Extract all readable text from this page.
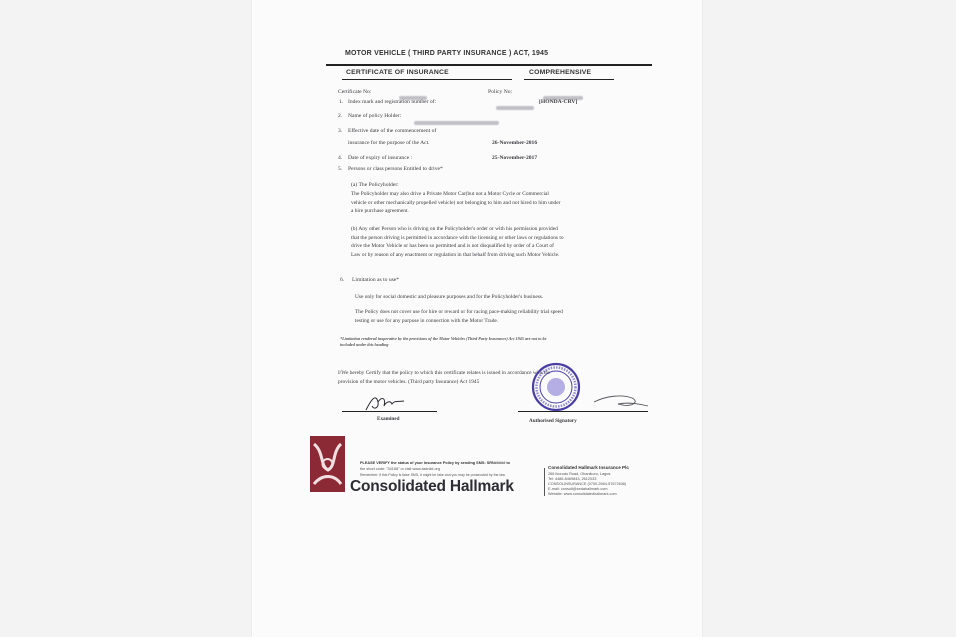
MOTOR VEHICLE ( THIRD PARTY INSURANCE ) ACT, 1945
CERTIFICATE OF INSURANCE	COMPREHENSIVE
Certificate No:	Policy No:
1. Index mark and registration number of:	[HONDA-CRV]
2. Name of policy Holder:
3. Effective date of the commencement of
insurance for the purpose of the Act.	26-November-2016
4. Date of expiry of insurance :	25-November-2017
5. Persons or class persons Entitled to drive*
(a) The Policyholder:
The Policyholder may also drive a Private Motor Car(but not a Motor Cycle or Commercial
vehicle or other mechanically propelled vehicle) not belonging to him and not hired to him under
a hire purchase agreement.
(b) Any other Person who is driving on the Policyholder's order or with his permission provided
that the person driving is permitted in accordance with the licensing or other laws or regulations to
drive the Motor Vehicle or has been so permitted and is not disqualified by order of a Court of
Law or by reason of any enactment or regulation in that behalf from driving such Motor Vehicle.
6. Limitation as to use*
Use only for social domestic and pleasure purposes and for the Policyholder's business.
The Policy does not cover use for hire or reward or for racing pace-making reliability trial speed
testing or use for any purpose in connection with the Motor Trade.
*Limitation rendered inoperative by the provisions of the Motor Vehicles (Third Party Insurance) Act 1945 are not to be
included under this heading
I/We hereby Certify that the policy to which this certificate relates is issued in accordance with the
provision of the motor vehicles. (Third party Insurance) Act 1945
Examined	Authorised Signatory
PLEASE VERIFY the status of your Insurance Policy by sending SMS: SRN##### to
the short code: "34168" or visit www.askniid.org
Remember: if this Policy is false SMS, it might be fake and you may be prosecuted by the law.
Consolidated Hallmark
Consolidated Hallmark Insurance Plc
266 Ikorodu Road, Obanikoro, Lagos.
Tel: 4486-8469843, 2612033
CONSOLINSURANCE (0700-2664-57672636)
E-mail: consult@cedahallmark.com
Website: www.consolidatedhallmark.com
